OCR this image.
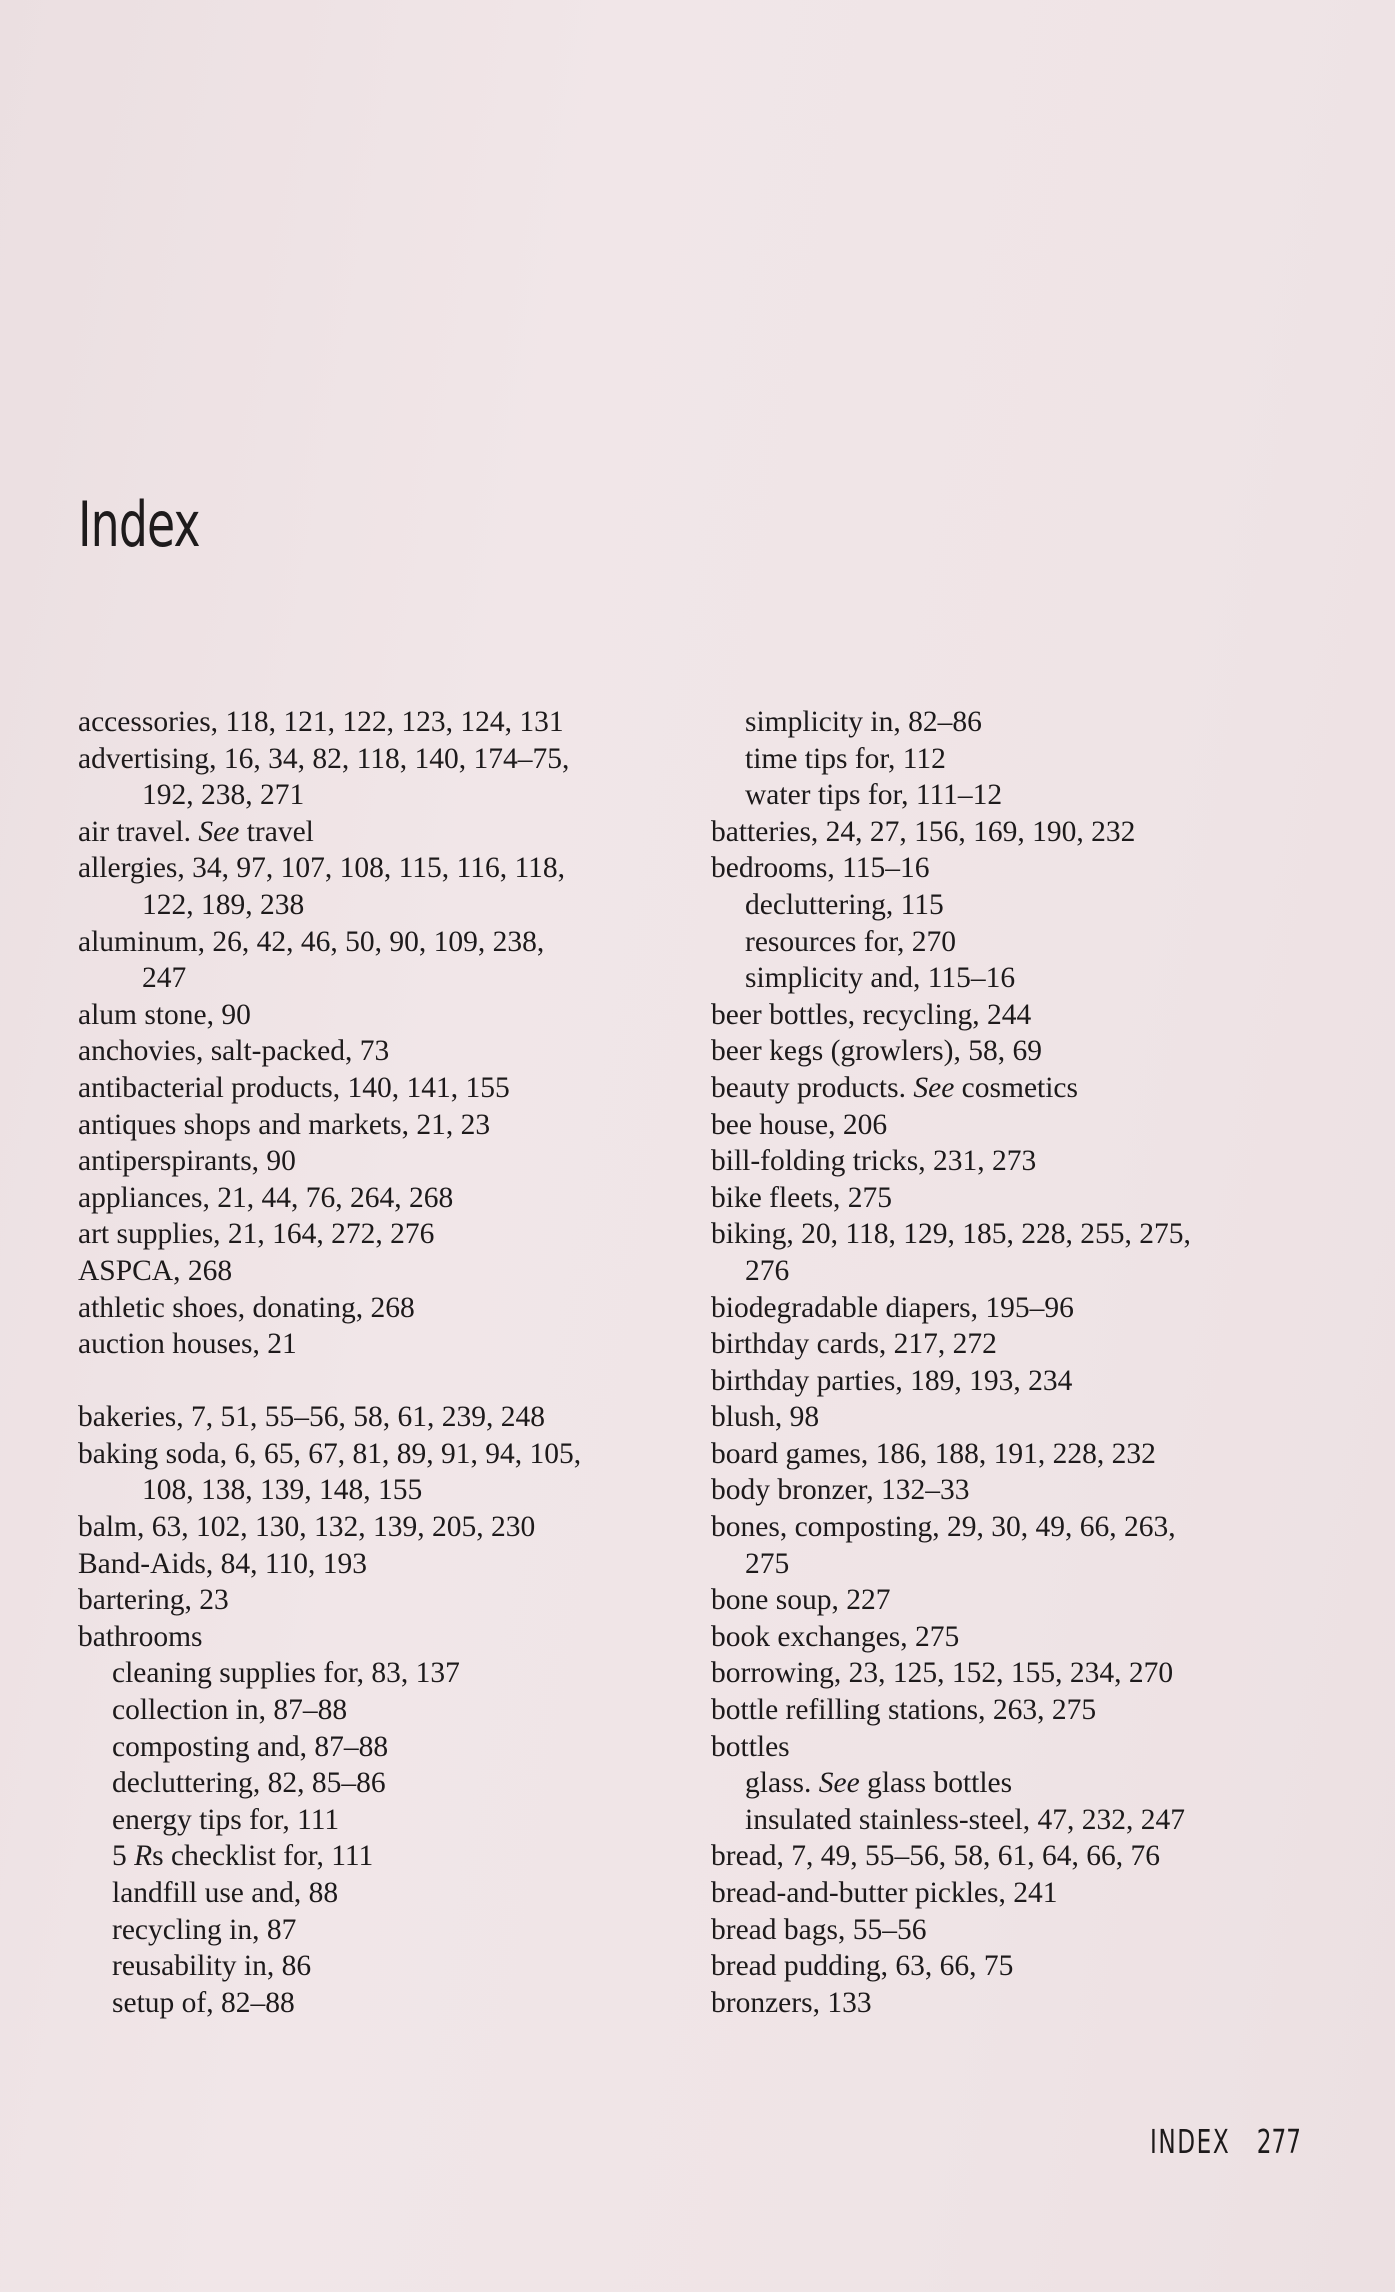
Index
accessories, 118, 121, 122, 123, 124, 131
advertising, 16, 34, 82, 118, 140, 174–75,
192, 238, 271
air travel. See travel
allergies, 34, 97, 107, 108, 115, 116, 118,
122, 189, 238
aluminum, 26, 42, 46, 50, 90, 109, 238,
247
alum stone, 90
anchovies, salt-packed, 73
antibacterial products, 140, 141, 155
antiques shops and markets, 21, 23
antiperspirants, 90
appliances, 21, 44, 76, 264, 268
art supplies, 21, 164, 272, 276
ASPCA, 268
athletic shoes, donating, 268
auction houses, 21
bakeries, 7, 51, 55–56, 58, 61, 239, 248
baking soda, 6, 65, 67, 81, 89, 91, 94, 105,
108, 138, 139, 148, 155
balm, 63, 102, 130, 132, 139, 205, 230
Band-Aids, 84, 110, 193
bartering, 23
bathrooms
cleaning supplies for, 83, 137
collection in, 87–88
composting and, 87–88
decluttering, 82, 85–86
energy tips for, 111
5 Rs checklist for, 111
landfill use and, 88
recycling in, 87
reusability in, 86
setup of, 82–88
simplicity in, 82–86
time tips for, 112
water tips for, 111–12
batteries, 24, 27, 156, 169, 190, 232
bedrooms, 115–16
decluttering, 115
resources for, 270
simplicity and, 115–16
beer bottles, recycling, 244
beer kegs (growlers), 58, 69
beauty products. See cosmetics
bee house, 206
bill-folding tricks, 231, 273
bike fleets, 275
biking, 20, 118, 129, 185, 228, 255, 275,
276
biodegradable diapers, 195–96
birthday cards, 217, 272
birthday parties, 189, 193, 234
blush, 98
board games, 186, 188, 191, 228, 232
body bronzer, 132–33
bones, composting, 29, 30, 49, 66, 263,
275
bone soup, 227
book exchanges, 275
borrowing, 23, 125, 152, 155, 234, 270
bottle refilling stations, 263, 275
bottles
glass. See glass bottles
insulated stainless-steel, 47, 232, 247
bread, 7, 49, 55–56, 58, 61, 64, 66, 76
bread-and-butter pickles, 241
bread bags, 55–56
bread pudding, 63, 66, 75
bronzers, 133
INDEX 277
